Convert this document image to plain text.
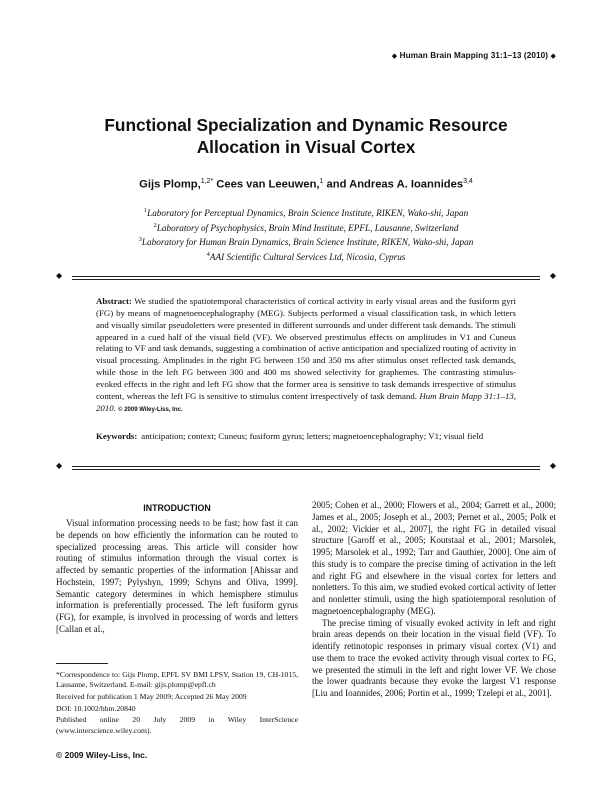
◆ Human Brain Mapping 31:1–13 (2010) ◆
Functional Specialization and Dynamic Resource
Allocation in Visual Cortex
Gijs Plomp,$^{1,2*}$ Cees van Leeuwen,$^1$ and Andreas A. Ioannides$^{3,4}$
$^1$Laboratory for Perceptual Dynamics, Brain Science Institute, RIKEN, Wako-shi, Japan
$^2$Laboratory of Psychophysics, Brain Mind Institute, EPFL, Lausanne, Switzerland
$^3$Laboratory for Human Brain Dynamics, Brain Science Institute, RIKEN, Wako-shi, Japan
$^4$AAI Scientific Cultural Services Ltd, Nicosia, Cyprus
◆	◆
Abstract: We studied the spatiotemporal characteristics of cortical activity in early visual areas and the fusiform gyri (FG) by means of magnetoencephalography (MEG). Subjects performed a visual classification task, in which letters and visually similar pseudoletters were presented in different surrounds and under different task demands. The stimuli appeared in a cued half of the visual field (VF). We observed prestimulus effects on amplitudes in V1 and Cuneus relating to VF and task demands, suggesting a combination of active anticipation and specialized routing of activity in visual processing. Amplitudes in the right FG between 150 and 350 ms after stimulus onset reflected task demands, while those in the left FG between 300 and 400 ms showed selectivity for graphemes. The contrasting stimulus-evoked effects in the right and left FG show that the former area is sensitive to task demands irrespective of stimulus content, whereas the left FG is sensitive to stimulus content irrespectively of task demand. Hum Brain Mapp 31:1–13, 2010. © 2009 Wiley-Liss, Inc.
Keywords: anticipation; context; Cuneus; fusiform gyrus; letters; magnetoencephalography; V1; visual field
◆	◆
INTRODUCTION

Visual information processing needs to be fast; how fast it can be depends on how efficiently the information can be routed to specialized processing areas. This article will consider how routing of stimulus information through the visual cortex is affected by semantic properties of the information [Ahissar and Hochstein, 1997; Pylyshyn, 1999; Schyns and Oliva, 1999]. Semantic category determines in which hemisphere stimulus information is preferentially processed. The left fusiform gyrus (FG), for example, is involved in processing of words and letters [Callan et al.,

2005; Cohen et al., 2000; Flowers et al., 2004; Garrett et al., 2000; James et al., 2005; Joseph et al., 2003; Pernet et al., 2005; Polk et al., 2002; Vickier et al., 2007], the right FG in detailed visual structure [Garoff et al., 2005; Koutstaal et al., 2001; Marsolek, 1995; Marsolek et al., 1992; Tarr and Gauthier, 2000]. One aim of this study is to compare the precise timing of activation in the left and right FG and elsewhere in the visual cortex for letters and nonletters. To this aim, we studied evoked cortical activity of letter and nonletter stimuli, using the high spatiotemporal resolution of magnetoencephalography (MEG).

The precise timing of visually evoked activity in left and right brain areas depends on their location in the visual field (VF). To identify retinotopic responses in primary visual cortex (V1) and use them to trace the evoked activity through visual cortex to FG, we presented the stimuli in the left and right lower VF. We chose the lower quadrants because they evoke the largest V1 response [Liu and Ioannides, 2006; Portin et al., 1999; Tzelepi et al., 2001].

*Correspondence to: Gijs Plomp, EPFL SV BMI LPSY, Station 19, CH-1015, Lausanne, Switzerland. E-mail: gijs.plomp@epfl.ch
Received for publication 1 May 2009; Accepted 26 May 2009
DOI: 10.1002/hbm.20840
Published online 20 July 2009 in Wiley InterScience (www.interscience.wiley.com).
© 2009 Wiley-Liss, Inc.
